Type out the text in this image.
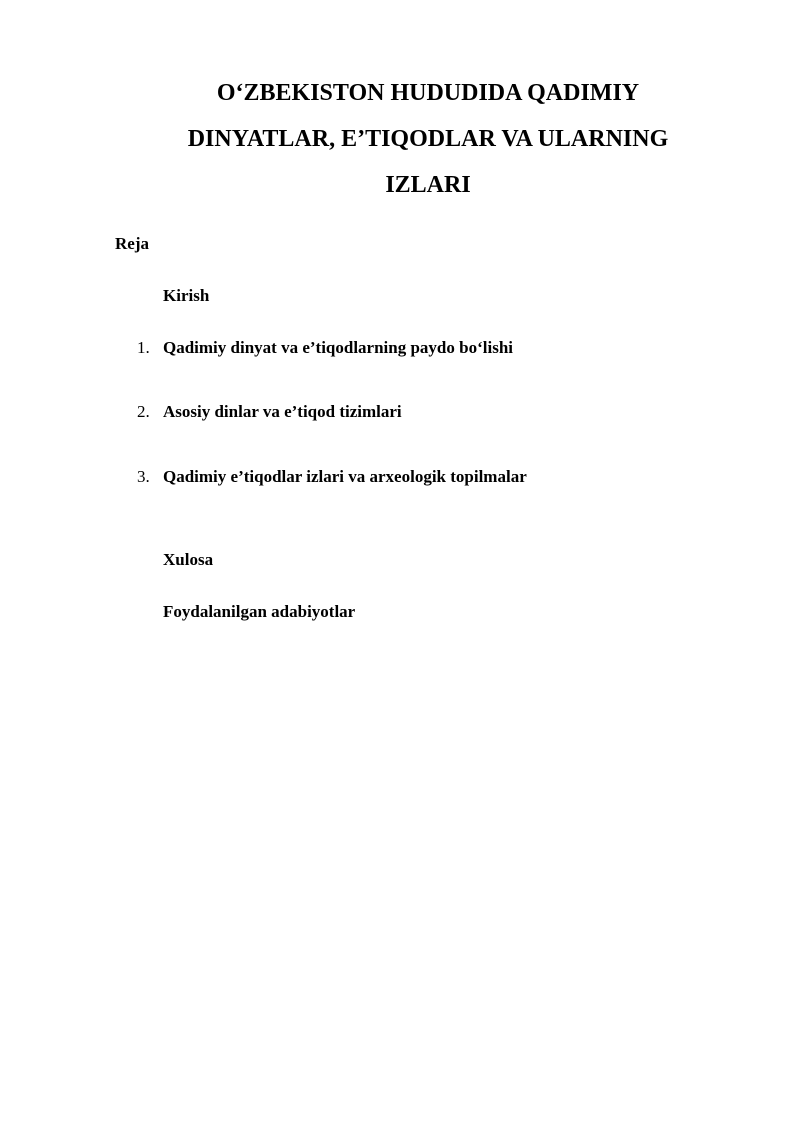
O‘ZBEKISTON HUDUDIDA QADIMIY
DINYATLAR, E’TIQODLAR VA ULARNING
IZLARI

Reja

Kirish

1. Qadimiy dinyat va e’tiqodlarning paydo bo‘lishi

2. Asosiy dinlar va e’tiqod tizimlari

3. Qadimiy e’tiqodlar izlari va arxeologik topilmalar

Xulosa

Foydalanilgan adabiyotlar
